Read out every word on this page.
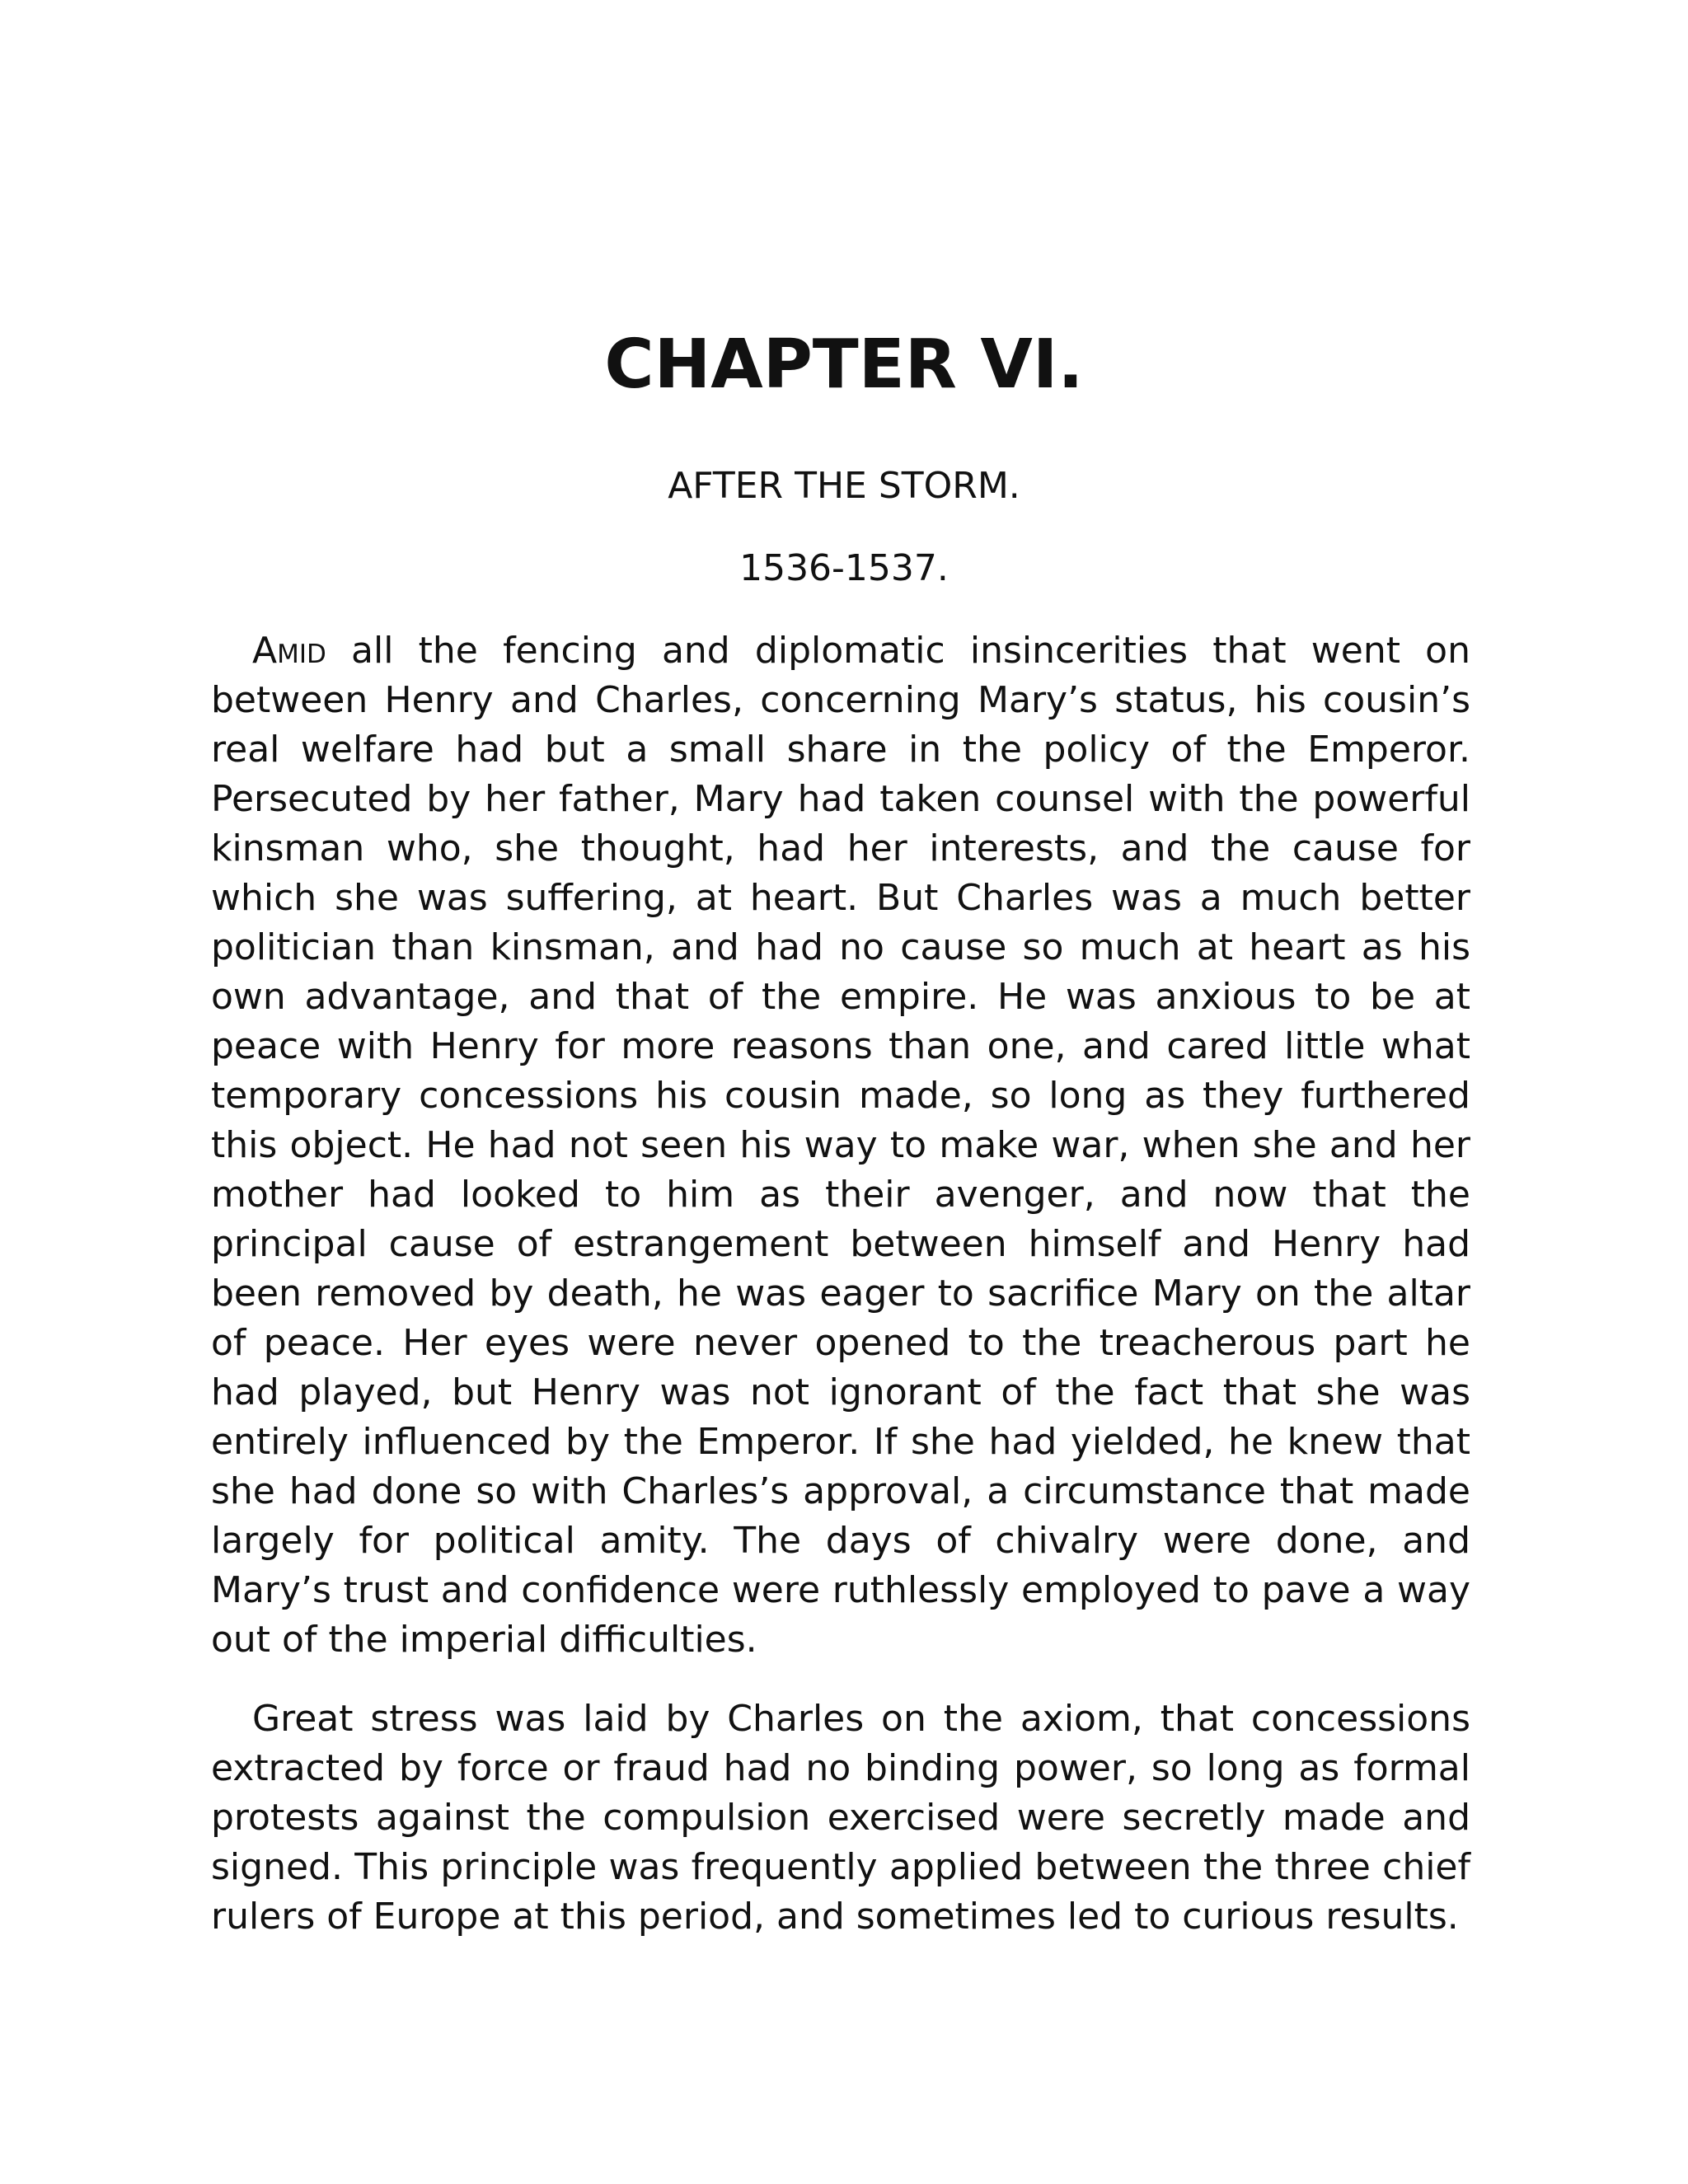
CHAPTER VI.

AFTER THE STORM.

1536-1537.

Amid all the fencing and diplomatic insincerities that went on between Henry and Charles, concerning Mary’s status, his cousin’s real welfare had but a small share in the policy of the Emperor. Persecuted by her father, Mary had taken counsel with the powerful kinsman who, she thought, had her interests, and the cause for which she was suffering, at heart. But Charles was a much better politician than kinsman, and had no cause so much at heart as his own advantage, and that of the empire. He was anxious to be at peace with Henry for more reasons than one, and cared little what temporary concessions his cousin made, so long as they furthered this object. He had not seen his way to make war, when she and her mother had looked to him as their avenger, and now that the principal cause of estrangement between himself and Henry had been removed by death, he was eager to sacrifice Mary on the altar of peace. Her eyes were never opened to the treacherous part he had played, but Henry was not ignorant of the fact that she was entirely influenced by the Emperor. If she had yielded, he knew that she had done so with Charles’s approval, a circumstance that made largely for political amity. The days of chivalry were done, and Mary’s trust and confidence were ruthlessly employed to pave a way out of the imperial difficulties.

Great stress was laid by Charles on the axiom, that concessions extracted by force or fraud had no binding power, so long as formal protests against the compulsion exercised were secretly made and signed. This principle was frequently applied between the three chief rulers of Europe at this period, and sometimes led to curious results.
